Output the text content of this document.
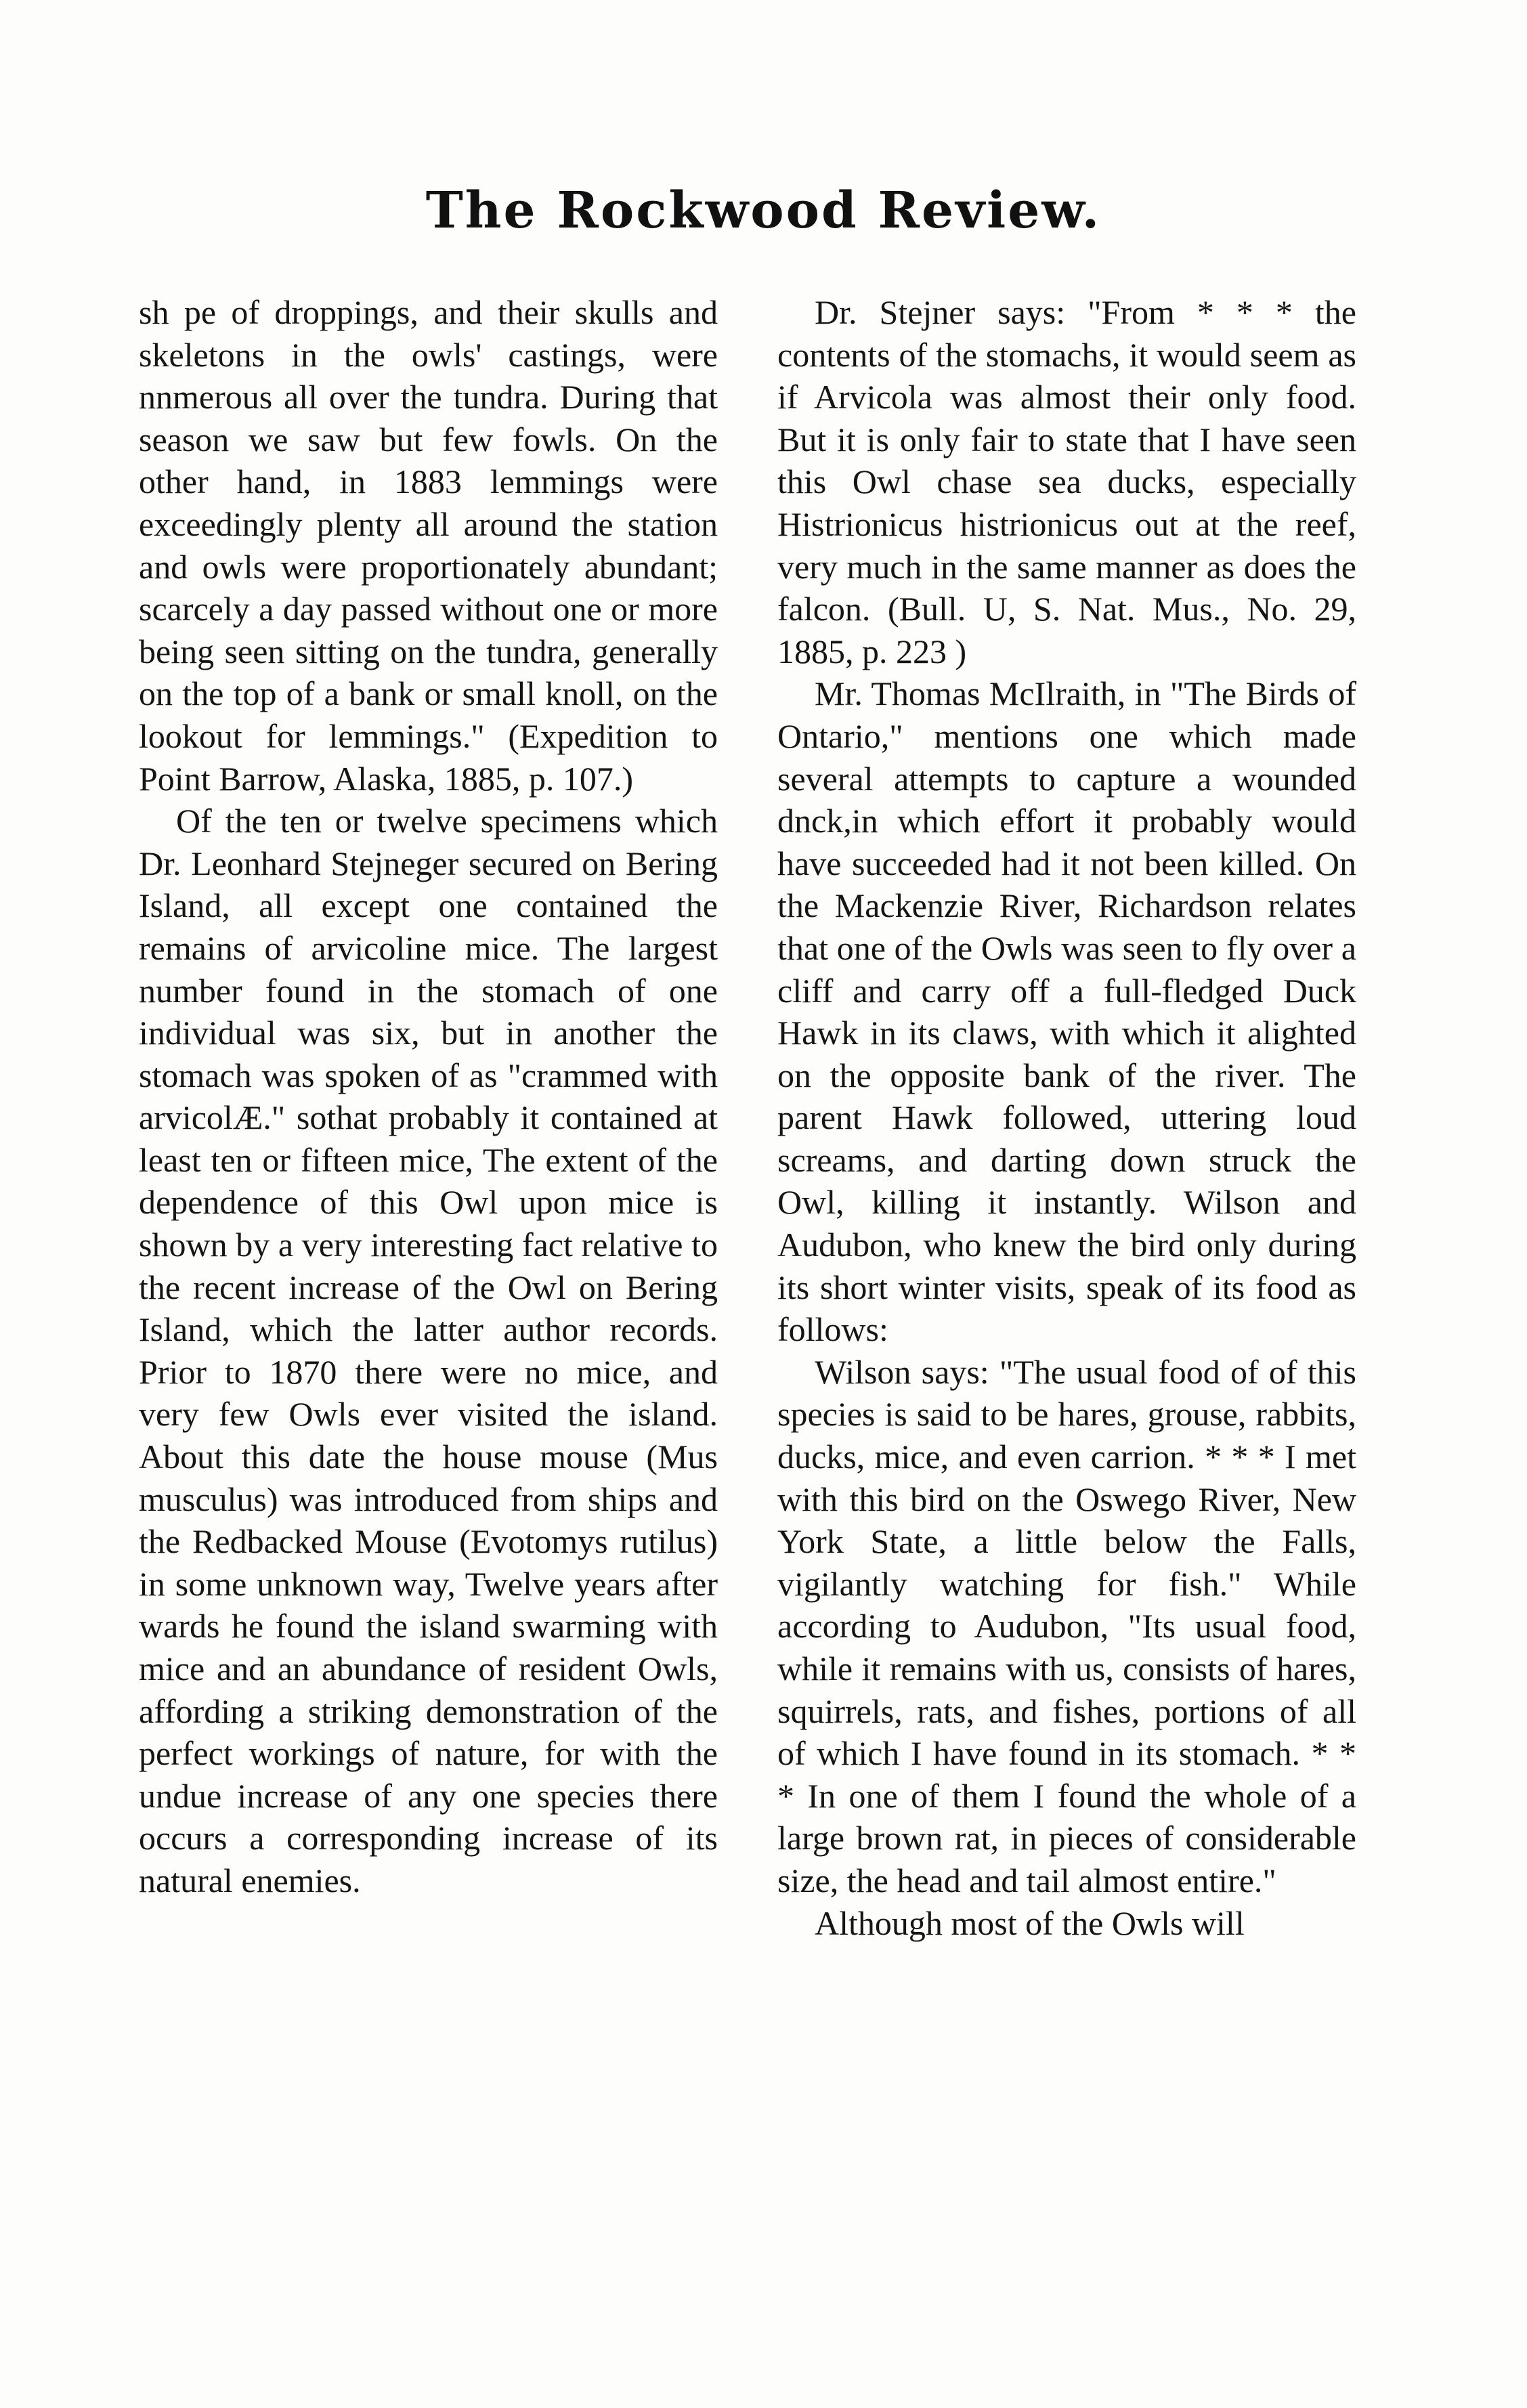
The Rockwood Review.

sh pe of droppings, and their skulls and skeletons in the owls' castings, were nnmerous all over the tundra. During that season we saw but few fowls. On the other hand, in 1883 lemmings were exceedingly plenty all around the station and owls were proportionately abundant; scarcely a day passed without one or more being seen sitting on the tundra, generally on the top of a bank or small knoll, on the lookout for lemmings." (Expedition to Point Barrow, Alaska, 1885, p. 107.)

Of the ten or twelve specimens which Dr. Leonhard Stejneger secured on Bering Island, all except one contained the remains of arvicoline mice. The largest number found in the stomach of one individual was six, but in another the stomach was spoken of as "crammed with arvicolÆ." sothat probably it contained at least ten or fifteen mice, The extent of the dependence of this Owl upon mice is shown by a very interesting fact relative to the recent increase of the Owl on Bering Island, which the latter author records. Prior to 1870 there were no mice, and very few Owls ever visited the island. About this date the house mouse (Mus musculus) was introduced from ships and the Redbacked Mouse (Evotomys rutilus) in some unknown way, Twelve years after wards he found the island swarming with mice and an abundance of resident Owls, affording a striking demonstration of the perfect workings of nature, for with the undue increase of any one species there occurs a corresponding increase of its natural enemies.

Dr. Stejner says: "From * * * the contents of the stomachs, it would seem as if Arvicola was almost their only food. But it is only fair to state that I have seen this Owl chase sea ducks, especially Histrionicus histrionicus out at the reef, very much in the same manner as does the falcon. (Bull. U, S. Nat. Mus., No. 29, 1885, p. 223 )

Mr. Thomas McIlraith, in "The Birds of Ontario," mentions one which made several attempts to capture a wounded dnck,in which effort it probably would have succeeded had it not been killed. On the Mackenzie River, Richardson relates that one of the Owls was seen to fly over a cliff and carry off a full-fledged Duck Hawk in its claws, with which it alighted on the opposite bank of the river. The parent Hawk followed, uttering loud screams, and darting down struck the Owl, killing it instantly. Wilson and Audubon, who knew the bird only during its short winter visits, speak of its food as follows:

Wilson says: "The usual food of of this species is said to be hares, grouse, rabbits, ducks, mice, and even carrion. * * * I met with this bird on the Oswego River, New York State, a little below the Falls, vigilantly watching for fish." While according to Audubon, "Its usual food, while it remains with us, consists of hares, squirrels, rats, and fishes, portions of all of which I have found in its stomach. * * * In one of them I found the whole of a large brown rat, in pieces of considerable size, the head and tail almost entire."

Although most of the Owls will
